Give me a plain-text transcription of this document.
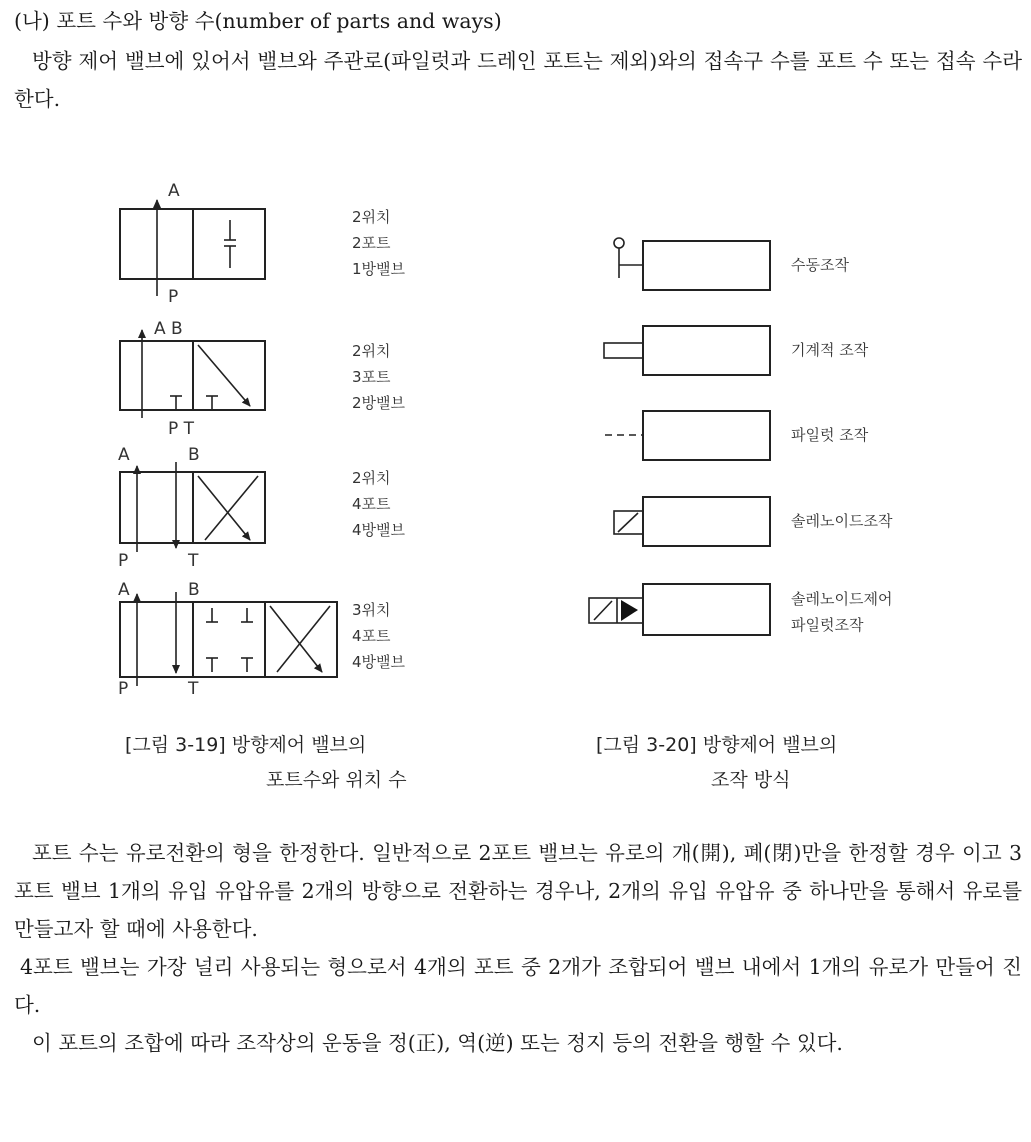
(나) 포트 수와 방향 수(number of parts and ways)
방향 제어 밸브에 있어서 밸브와 주관로(파일럿과 드레인 포트는 제외)와의 접속구 수를 포트 수 또는 접속 수라 한다.
A
P
2위치
2포트
1방밸브
A B
P T
2위치
3포트
2방밸브
A	B
P	T
2위치
4포트
4방밸브
A	B
P	T
3위치
4포트
4방밸브
[그림 3-19] 방향제어 밸브의
포트수와 위치 수
수동조작
기계적 조작
파일럿 조작
솔레노이드조작
솔레노이드제어
파일럿조작
[그림 3-20] 방향제어 밸브의
조작 방식
포트 수는 유로전환의 형을 한정한다. 일반적으로 2포트 밸브는 유로의 개(開), 폐(閉)만을 한정할 경우 이고 3포트 밸브 1개의 유입 유압유를 2개의 방향으로 전환하는 경우나, 2개의 유입 유압유 중 하나만을 통해서 유로를 만들고자 할 때에 사용한다.
4포트 밸브는 가장 널리 사용되는 형으로서 4개의 포트 중 2개가 조합되어 밸브 내에서 1개의 유로가 만들어 진다.
이 포트의 조합에 따라 조작상의 운동을 정(正), 역(逆) 또는 정지 등의 전환을 행할 수 있다.
